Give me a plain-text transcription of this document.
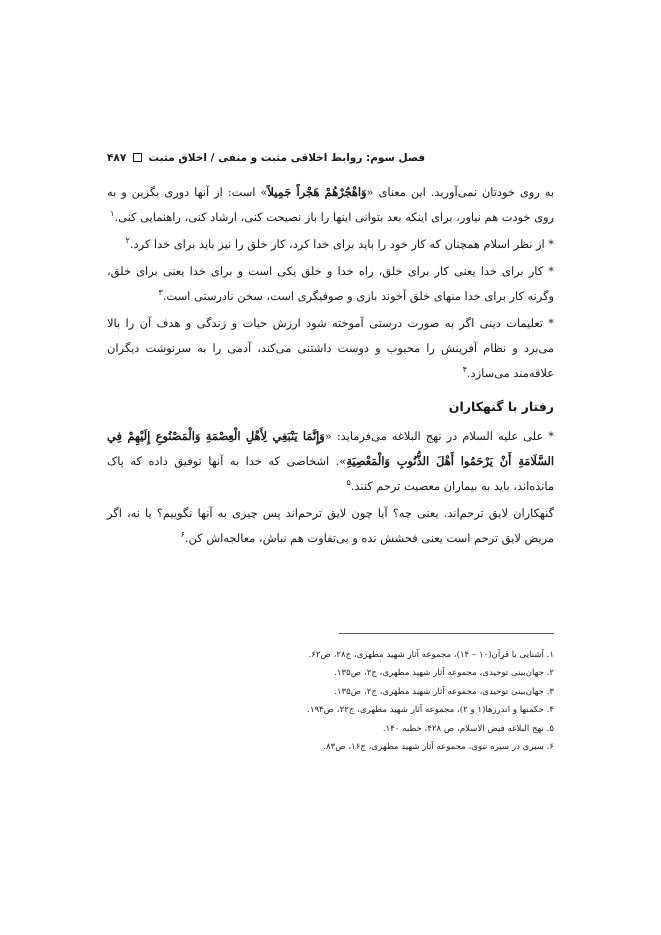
فصل سوم: روابط اخلاقی مثبت و منفی / اخلاق مثبت  ۴۸۷

به روی خودتان نمی‌آورید. این معنای «وَاهْجُرْهُمْ هَجْراً جَمِيلاً» است: از آنها دوری بگزین و به روی خودت هم نیاور، برای اینکه بعد بتوانی اینها را باز نصیحت کنی، ارشاد کنی، راهنمایی کنی.$^۱$

* از نظر اسلام همچنان که کار خود را باید برای خدا کرد، کار خلق را نیز باید برای خدا کرد.$^۲$

* کار برای خدا یعنی کار برای خلق، راه خدا و خلق یکی است و برای خدا یعنی برای خلق، وگرنه کار برای خدا منهای خلق آخوند بازی و صوفیگری است، سخن نادرستی است.$^۳$

* تعلیمات دینی اگر به صورت درستی آموخته شود ارزش حیات و زندگی و هدف آن را بالا می‌برد و نظام آفرینش را محبوب و دوست داشتنی می‌کند، آدمی را به سرنوشت دیگران علاقه‌مند می‌سازد.$^۴$

رفتار با گنهکاران

* علی علیه السلام در نهج البلاغه می‌فرماید: «وَإِنَّمَا يَنْبَغِي لِأَهْلِ الْعِصْمَةِ وَالْمَصْنُوعِ إِلَيْهِمْ فِي السَّلَامَةِ أَنْ يَرْحَمُوا أَهْلَ الذُّنُوبِ وَالْمَعْصِيَةِ». اشخاصی که خدا به آنها توفیق داده که پاک مانده‌اند، باید به بیماران معصیت ترحم کنند.$^۵$

گنهکاران لایق ترحم‌اند. یعنی چه؟ آیا چون لایق ترحم‌اند پس چیزی به آنها نگوییم؟ یا نه، اگر مریض لایق ترحم است یعنی فحشش نده و بی‌تفاوت هم نباش، معالجه‌اش کن.$^۶$

۱. آشنایی با قرآن(۱۰ – ۱۴)، مجموعه آثار شهید مطهری، ج۲۸، ص۶۲.

۲. جهان‌بینی توحیدی، مجموعه آثار شهید مطهری، ج۲، ص۱۳۵.

۳. جهان‌بینی توحیدی، مجموعه آثار شهید مطهری، ج۲، ص۱۳۵.

۴. حکمتها و اندرزها(۱ و ۲)، مجموعه آثار شهید مطهری، ج۲۲، ص۱۹۴.

۵. نهج البلاغه فیض الاسلام، ص ۴۲۸، خطبه ۱۴۰.

۶. سیری در سیره نبوی، مجموعه آثار شهید مطهری، ج۱۶، ص۸۳.
